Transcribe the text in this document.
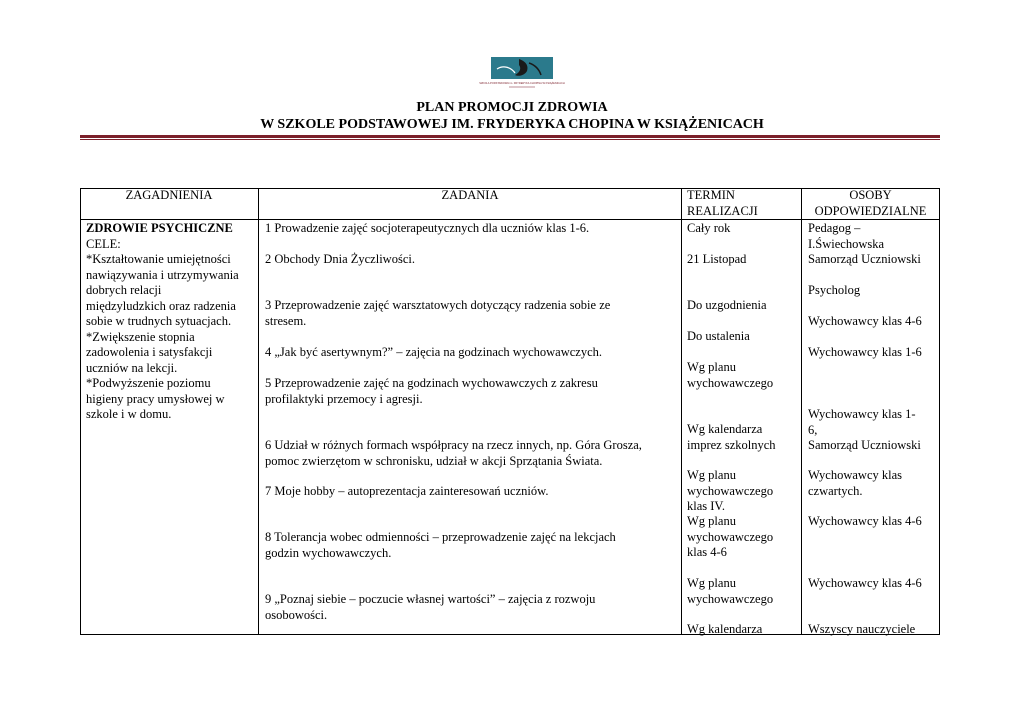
SZKOŁA PODSTAWOWA im. FRYDERYKA CHOPINA W KSIĄŻENICACH
PLAN PROMOCJI ZDROWIA
W SZKOLE PODSTAWOWEJ IM. FRYDERYKA CHOPINA W KSIĄŻENICACH
ZAGADNIENIA	ZADANIA	TERMIN
REALIZACJI
OSOBY
ODPOWIEDZIALNE
ZDROWIE PSYCHICZNE
CELE:
*Kształtowanie umiejętności
nawiązywania i utrzymywania
dobrych relacji
międzyludzkich oraz radzenia
sobie w trudnych sytuacjach.
*Zwiększenie stopnia
zadowolenia i satysfakcji
uczniów na lekcji.
*Podwyższenie poziomu
higieny pracy umysłowej w
szkole i w domu.
1 Prowadzenie zajęć socjoterapeutycznych dla uczniów klas 1-6.
2 Obchody Dnia Życzliwości.
3 Przeprowadzenie zajęć warsztatowych dotyczący radzenia sobie ze
stresem.
4 „Jak być asertywnym?” – zajęcia na godzinach wychowawczych.
5 Przeprowadzenie zajęć na godzinach wychowawczych z zakresu
profilaktyki przemocy i agresji.
6 Udział w różnych formach współpracy na rzecz innych, np. Góra Grosza,
pomoc zwierzętom w schronisku, udział w akcji Sprzątania Świata.
7 Moje hobby – autoprezentacja zainteresowań uczniów.
8 Tolerancja wobec odmienności – przeprowadzenie zajęć na lekcjach
godzin wychowawczych.
9 „Poznaj siebie – poczucie własnej wartości” – zajęcia z rozwoju
osobowości.
Cały rok
21 Listopad
Do uzgodnienia
Do ustalenia
Wg planu
wychowawczego
Wg kalendarza
imprez szkolnych
Wg planu
wychowawczego
klas IV.
Wg planu
wychowawczego
klas 4-6
Wg planu
wychowawczego
Wg kalendarza
Pedagog –
I.Świechowska
Samorząd Uczniowski
Psycholog
Wychowawcy klas 4-6
Wychowawcy klas 1-6
Wychowawcy klas 1-
6,
Samorząd Uczniowski
Wychowawcy klas
czwartych.
Wychowawcy klas 4-6
Wychowawcy klas 4-6
Wszyscy nauczyciele
